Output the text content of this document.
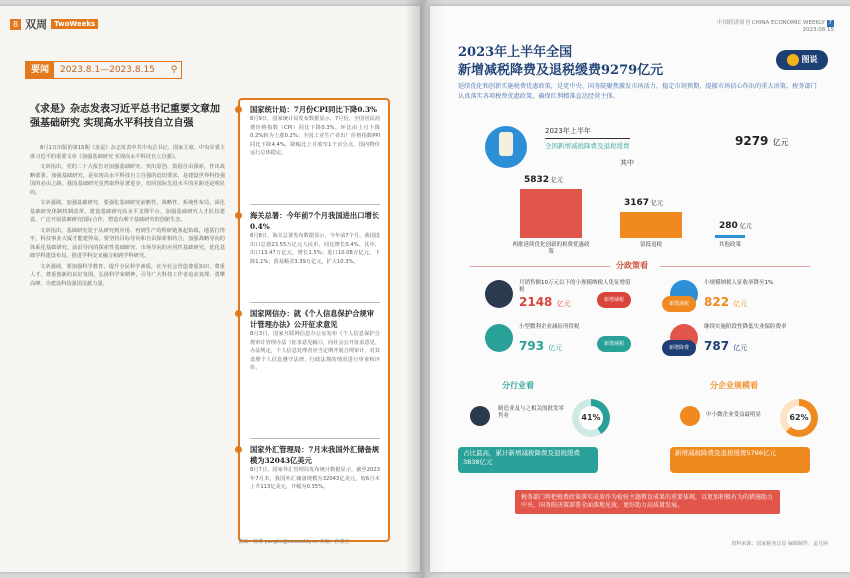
8 双周	TwoWeeks
要闻	2023.8.1—2023.8.15	⚲
《求是》杂志发表习近平总书记重要文章加强基础研究 实现高水平科技自立自强

8月1日出版的第15期《求是》杂志发表中共中央总书记、国家主席、中央军委主席习近平的重要文章《加强基础研究 实现高水平科技自立自强》。

文章指出，党的二十大报告对加强基础研究、突出原创、鼓励自由探索，作出战略部署。加强基础研究，是实现高水平科技自立自强的迫切要求，是建设世界科技强国的必由之路。我国基础研究虽然取得显著进步，但同国际先进水平的差距还是明显的。

文章强调，加强基础研究，要强化基础研究前瞻性、战略性、系统性布局，深化基础研究体制机制改革，建设基础研究高水平支撑平台，加强基础研究人才队伍建设，广泛开展基础研究国际合作，塑造有利于基础研究的创新生态。

文章指出，基础研究处于从研究到应用、再到生产的科研链条起始端，地基打得牢，科技事业大厦才能建得高。要坚持目标导向和自由探索相结合，加强战略导向的体系化基础研究、前沿导向的探索性基础研究、市场导向的应用性基础研究，优化基础学科建设布局，推进学科交叉融合和跨学科研究。

文章强调，要加强科学教育，提升全民科学素质，在全社会营造尊重知识、尊重人才、尊重创新的良好氛围，弘扬科学家精神，引导广大科技工作者追求真理、勇攀高峰，为建设科技强国贡献力量。

国家统计局：7月份CPI同比下降0.3%
8月9日，国家统计局发布数据显示，7月份，全国居民消费价格指数（CPI）同比下降0.3%。环比由上月下降0.2%转为上涨0.2%；全国工业生产者出厂价格指数PPI同比下降4.4%，降幅比上月收窄1个百分点，国内物价运行总体稳定。
海关总署：今年前7个月我国进出口增长0.4%
8月8日，海关总署发布数据显示，今年前7个月，我国进出口总值23.55万亿元人民币，同比增长0.4%。其中，出口13.47万亿元，增长1.5%；进口10.08万亿元，下降1.1%；贸易顺差3.39万亿元，扩大10.3%。
国家网信办：就《个人信息保护合规审计管理办法》公开征求意见
8月3日，国家互联网信息办公室发布《个人信息保护合规审计管理办法（征求意见稿）》，向社会公开征求意见。办法规定，个人信息处理者应当定期开展合规审计，对其处理个人信息遵守法律、行政法规的情况进行审查和评价。
国家外汇管理局：7月末我国外汇储备规模为32043亿美元
8月7日，国家外汇管理局发布统计数据显示，截至2023年7月末，我国外汇储备规模为32043亿美元，较6月末上升113亿美元，升幅为0.35%。
责编：杨琳 yanglin@ceweekly.cn 美编：孙骁立
中国经济周刊 CHINA ECONOMIC WEEKLY 7
2023.08.15
2023年上半年全国
新增减税降费及退税缓费9279亿元
图说
延续优化和创新实施税费优惠政策，是党中央、国务院聚焦激发市场活力、稳定市场预期、提振市场信心作出的重大决策。税务部门认真落实各项税费优惠政策，确保红利精准直达经营主体。
2023年上半年
全国新增减税降费及退税缓费	9279 亿元
其中
5832 亿元
两批延续优化创新的税费优惠政策
3167 亿元
留抵退税
280 亿元
其他政策
分政策看
月销售额10万元以下的小规模纳税人免征增值税
2148 亿元	新增减税
小规模纳税人征收率降至1%
822 亿元
新增减税
小型微利企业减征所得税
793 亿元	新增减税
继续实施阶段性降低失业保险费率
787 亿元
新增降费
分行业看	分企业规模看
制造业及与之相关的批发零售业	41%	中小微企业受益最明显	62%
占比最高，累计新增减税降费及退税缓费3838亿元
新增减税降费及退税缓费5766亿元
税务部门将把税费政策落实成效作为检验主题教育成果的重要体现，以更加积极有为的措施助力中央、国务院决策部署全面落地见效，更好助力高质量发展。
资料来源：国家税务总局 编辑制作：孟凡婷
